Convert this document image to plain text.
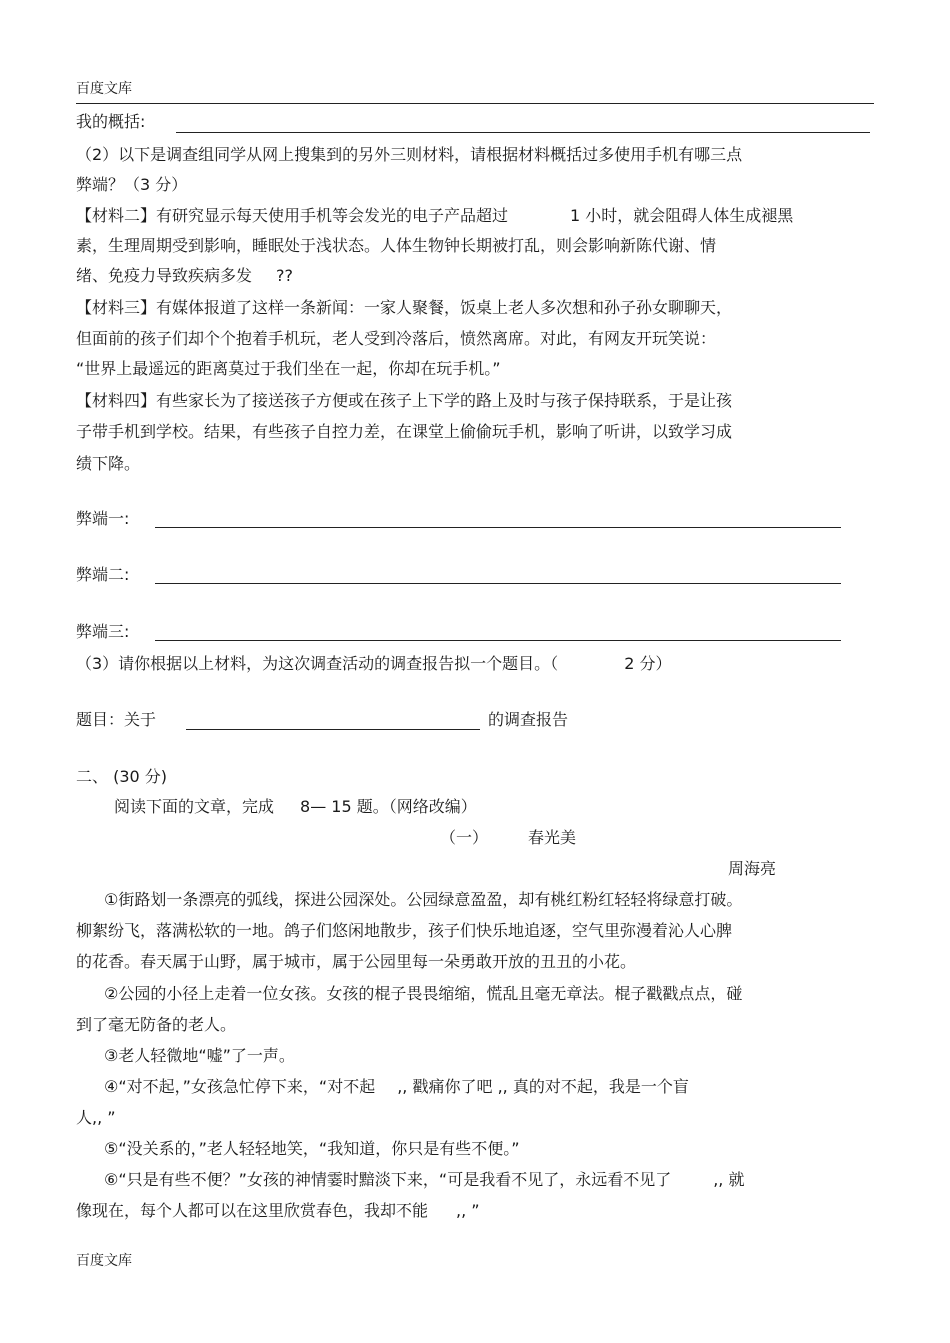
百度文库
我的概括:
（2）以下是调查组同学从网上搜集到的另外三则材料，请根据材料概括过多使用手机有哪三点
弊端？（3 分）
【材料二】有研究显示每天使用手机等会发光的电子产品超过	1 小时，就会阻碍人体生成褪黑
素，生理周期受到影响，睡眠处于浅状态。人体生物钟长期被打乱，则会影响新陈代谢、情
绪、免疫力导致疾病多发 ??
【材料三】有媒体报道了这样一条新闻：一家人聚餐，饭桌上老人多次想和孙子孙女聊聊天，
但面前的孩子们却个个抱着手机玩，老人受到冷落后，愤然离席。对此，有网友开玩笑说：
“世界上最遥远的距离莫过于我们坐在一起，你却在玩手机。”
【材料四】有些家长为了接送孩子方便或在孩子上下学的路上及时与孩子保持联系，于是让孩
子带手机到学校。结果，有些孩子自控力差，在课堂上偷偷玩手机，影响了听讲，以致学习成
绩下降。
弊端一:
弊端二:
弊端三:
（3）请你根据以上材料，为这次调查活动的调查报告拟一个题目。（	2 分）
题目：关于	的调查报告
二、 (30 分)
阅读下面的文章，完成 8— 15 题。（网络改编）
（一） 春光美
周海亮
①街路划一条漂亮的弧线，探进公园深处。公园绿意盈盈，却有桃红粉红轻轻将绿意打破。
柳絮纷飞，落满松软的一地。鸽子们悠闲地散步，孩子们快乐地追逐，空气里弥漫着沁人心脾
的花香。春天属于山野，属于城市，属于公园里每一朵勇敢开放的丑丑的小花。
②公园的小径上走着一位女孩。女孩的棍子畏畏缩缩，慌乱且毫无章法。棍子戳戳点点，碰
到了毫无防备的老人。
③老人轻微地“嘘”了一声。
④“对不起，”女孩急忙停下来，“对不起 ,, 戳痛你了吧 ,, 真的对不起，我是一个盲
人,, ”
⑤“没关系的，”老人轻轻地笑，“我知道，你只是有些不便。”
⑥“只是有些不便？”女孩的神情霎时黯淡下来，“可是我看不见了，永远看不见了	,, 就
像现在，每个人都可以在这里欣赏春色，我却不能 ,, ”
百度文库
